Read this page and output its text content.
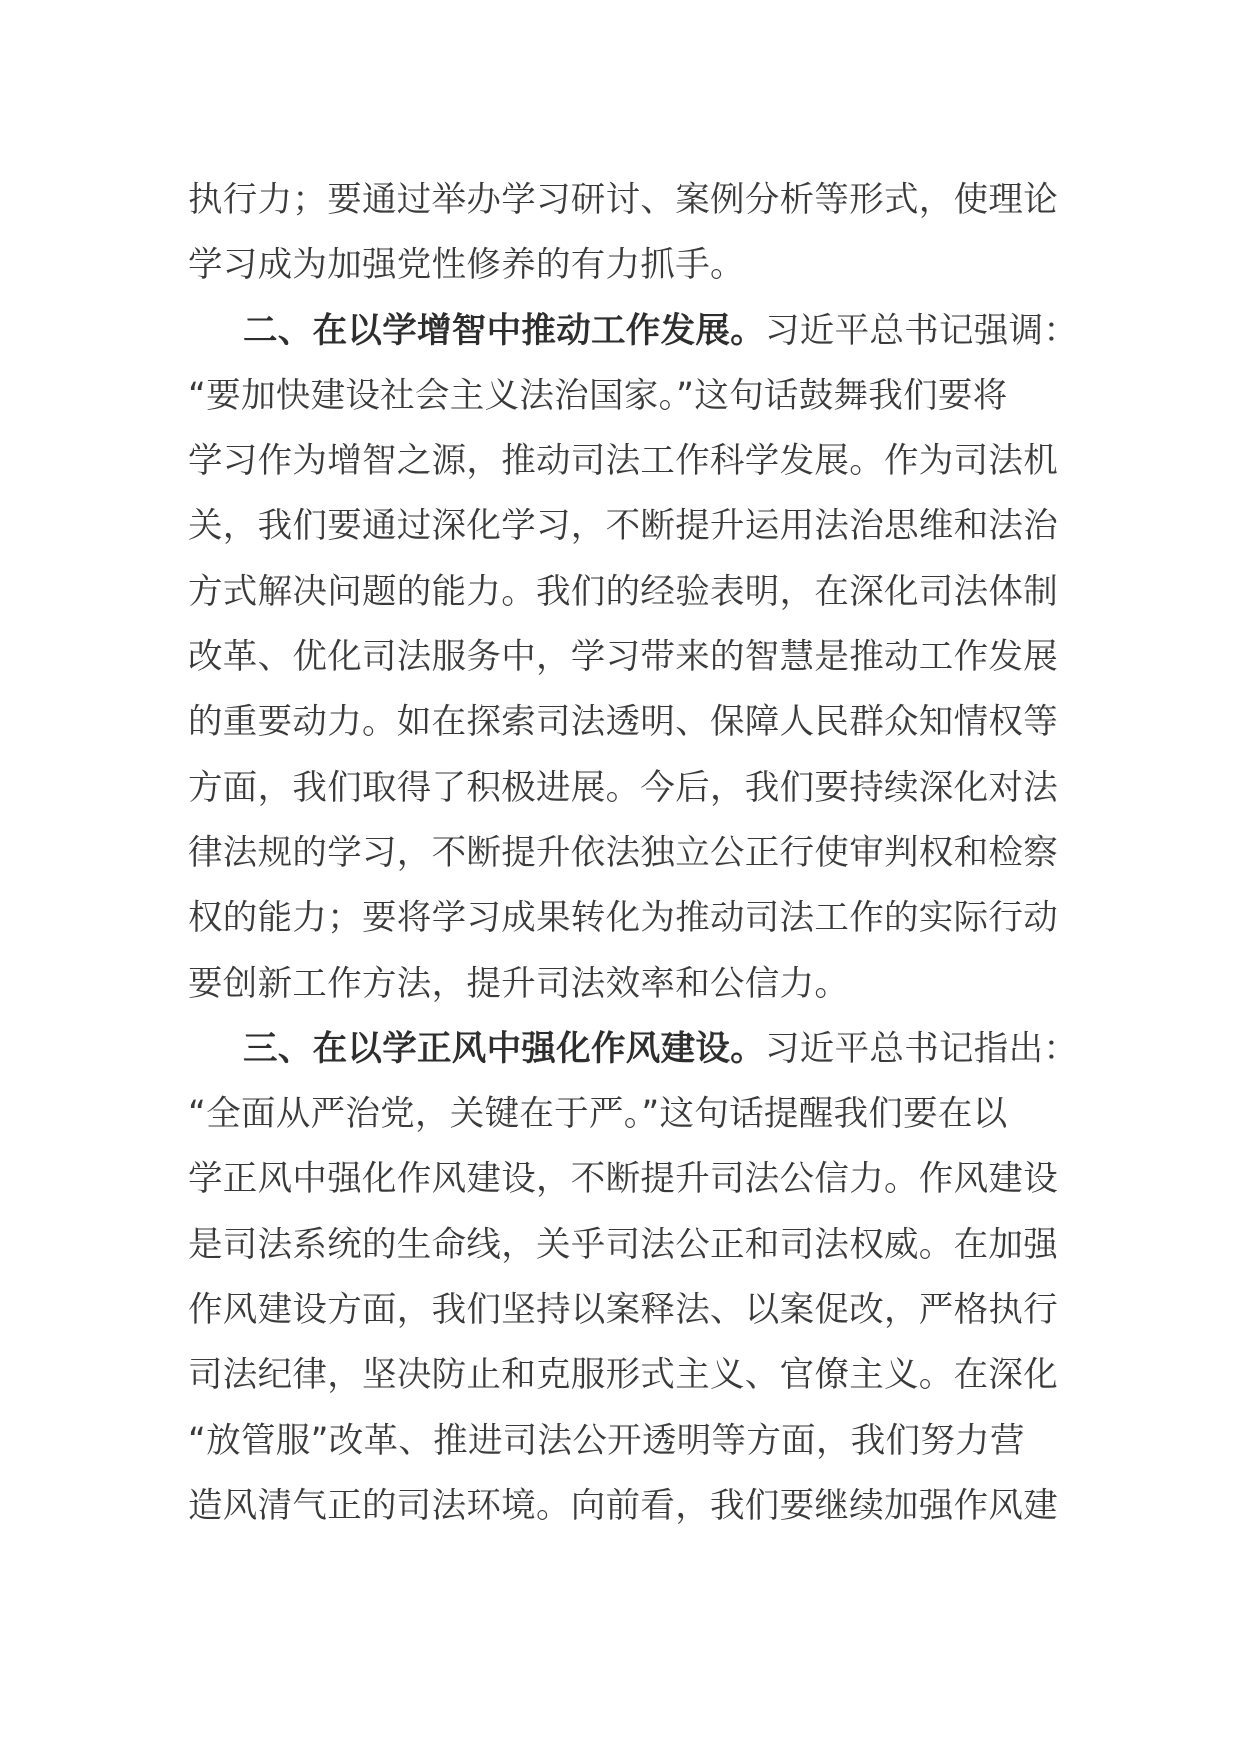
执行力；要通过举办学习研讨、案例分析等形式，使理论
学习成为加强党性修养的有力抓手。
二、在以学增智中推动工作发展。习近平总书记强调：
“要加快建设社会主义法治国家。”这句话鼓舞我们要将
学习作为增智之源，推动司法工作科学发展。作为司法机
关，我们要通过深化学习，不断提升运用法治思维和法治
方式解决问题的能力。我们的经验表明，在深化司法体制
改革、优化司法服务中，学习带来的智慧是推动工作发展
的重要动力。如在探索司法透明、保障人民群众知情权等
方面，我们取得了积极进展。今后，我们要持续深化对法
律法规的学习，不断提升依法独立公正行使审判权和检察
权的能力；要将学习成果转化为推动司法工作的实际行动
要创新工作方法，提升司法效率和公信力。
三、在以学正风中强化作风建设。习近平总书记指出：
“全面从严治党，关键在于严。”这句话提醒我们要在以
学正风中强化作风建设，不断提升司法公信力。作风建设
是司法系统的生命线，关乎司法公正和司法权威。在加强
作风建设方面，我们坚持以案释法、以案促改，严格执行
司法纪律，坚决防止和克服形式主义、官僚主义。在深化
“放管服”改革、推进司法公开透明等方面，我们努力营
造风清气正的司法环境。向前看，我们要继续加强作风建
